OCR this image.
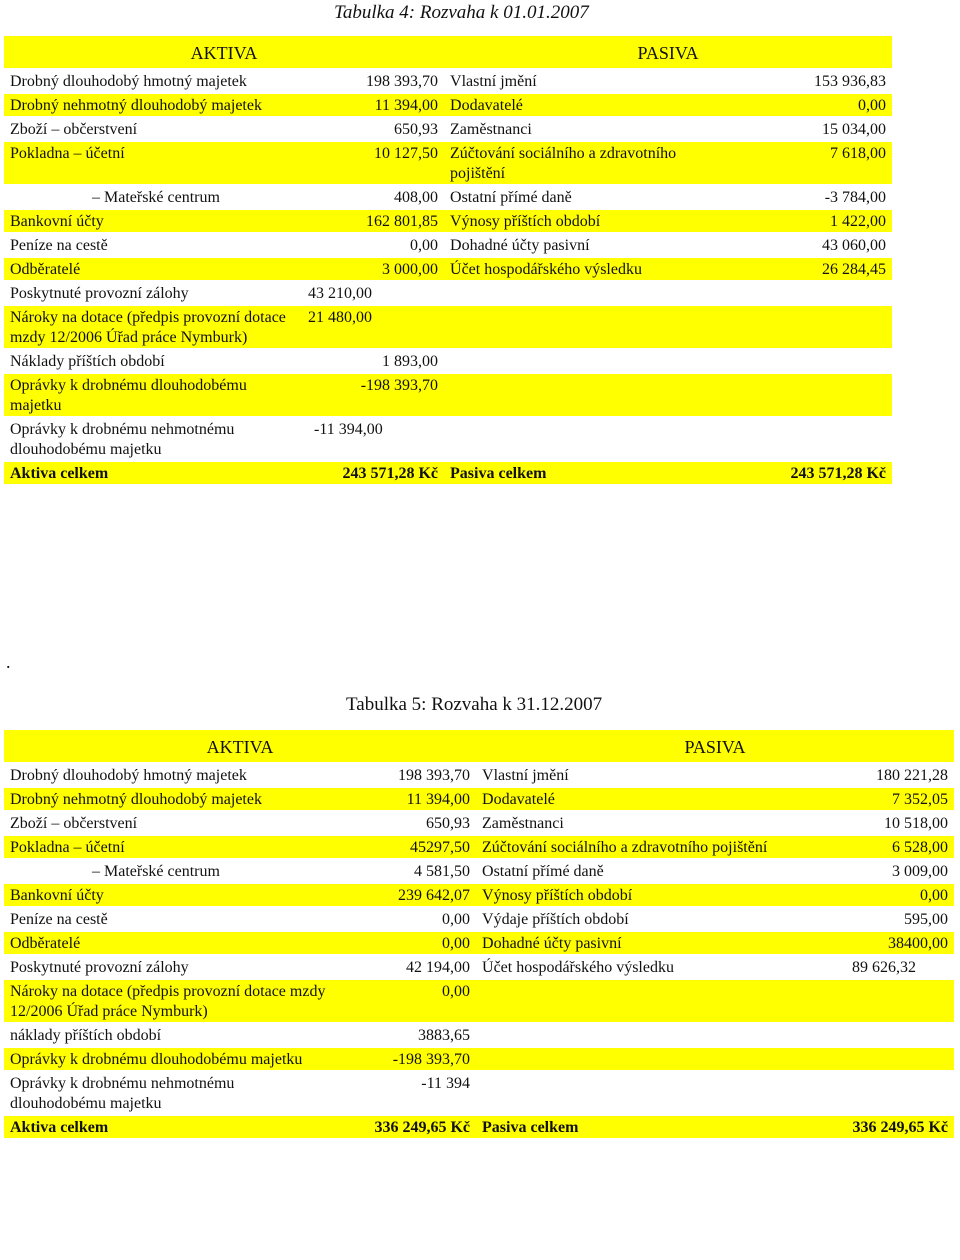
Tabulka 4: Rozvaha k 01.01.2007
AKTIVA		PASIVA	
Drobný dlouhodobý hmotný majetek	198 393,70	Vlastní jmění	153 936,83
Drobný nehmotný dlouhodobý majetek	11 394,00	Dodavatelé	0,00
Zboží – občerstvení	650,93	Zaměstnanci	15 034,00
Pokladna – účetní	10 127,50	Zúčtování sociálního a zdravotního pojištění	7 618,00
– Mateřské centrum	408,00	Ostatní přímé daně	-3 784,00
Bankovní účty	162 801,85	Výnosy příštích období	1 422,00
Peníze na cestě	0,00	Dohadné účty pasivní	43 060,00
Odběratelé	3 000,00	Účet hospodářského výsledku	26 284,45
Poskytnuté provozní zálohy	43 210,00		
Nároky na dotace (předpis provozní dotace mzdy 12/2006 Úřad práce Nymburk)	21 480,00		
Náklady příštích období	1 893,00		
Oprávky k drobnému dlouhodobému majetku	-198 393,70		
Oprávky k drobnému nehmotnému dlouhodobému majetku	-11 394,00		
Aktiva celkem	243 571,28 Kč	Pasiva celkem	243 571,28 Kč
.
Tabulka 5: Rozvaha k 31.12.2007
AKTIVA		PASIVA	
Drobný dlouhodobý hmotný majetek	198 393,70	Vlastní jmění	180 221,28
Drobný nehmotný dlouhodobý majetek	11 394,00	Dodavatelé	7 352,05
Zboží – občerstvení	650,93	Zaměstnanci	10 518,00
Pokladna – účetní	45297,50	Zúčtování sociálního a zdravotního pojištění	6 528,00
– Mateřské centrum	4 581,50	Ostatní přímé daně	3 009,00
Bankovní účty	239 642,07	Výnosy příštích období	0,00
Peníze na cestě	0,00	Výdaje příštích období	595,00
Odběratelé	0,00	Dohadné účty pasivní	38400,00
Poskytnuté provozní zálohy	42 194,00	Účet hospodářského výsledku	89 626,32
Nároky na dotace (předpis provozní dotace mzdy 12/2006 Úřad práce Nymburk)	0,00		
náklady příštích období	3883,65		
Oprávky k drobnému dlouhodobému majetku	-198 393,70		
Oprávky k drobnému nehmotnému dlouhodobému majetku	-11 394		
Aktiva celkem	336 249,65 Kč	Pasiva celkem	336 249,65 Kč
